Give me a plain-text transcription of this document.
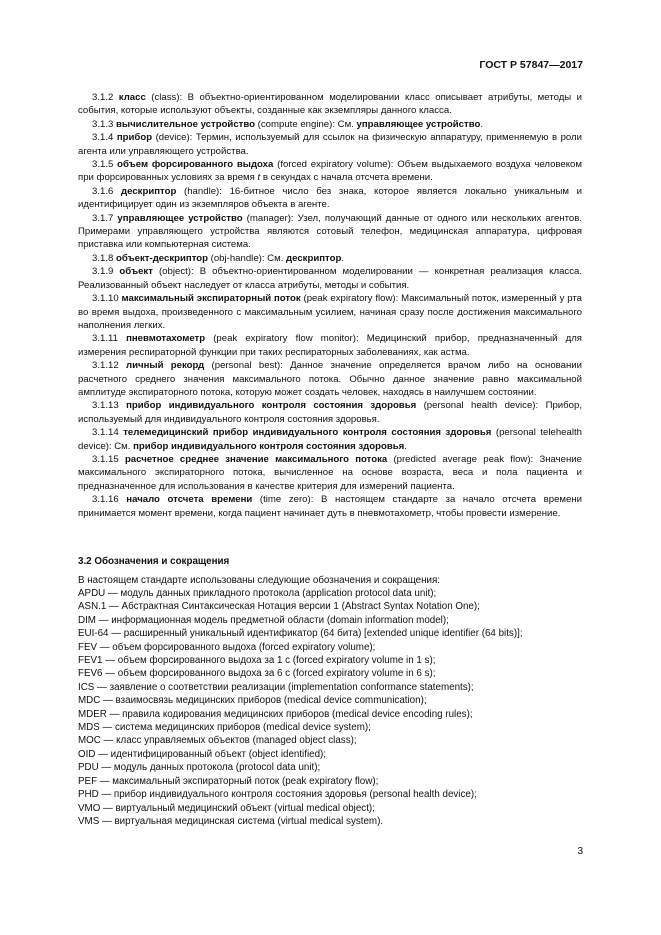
ГОСТ Р 57847—2017

3.1.2 класс (class): В объектно-ориентированном моделировании класс описывает атрибуты, методы и события, которые используют объекты, созданные как экземпляры данного класса.

3.1.3 вычислительное устройство (compute engine): См. управляющее устройство.

3.1.4 прибор (device): Термин, используемый для ссылок на физическую аппаратуру, применяемую в роли агента или управляющего устройства.

3.1.5 объем форсированного выдоха (forced expiratory volume): Объем выдыхаемого воздуха человеком при форсированных условиях за время t в секундах с начала отсчета времени.

3.1.6 дескриптор (handle): 16-битное число без знака, которое является локально уникальным и идентифицирует один из экземпляров объекта в агенте.

3.1.7 управляющее устройство (manager): Узел, получающий данные от одного или нескольких агентов. Примерами управляющего устройства являются сотовый телефон, медицинская аппаратура, цифровая приставка или компьютерная система.

3.1.8 объект-дескриптор (obj-handle): См. дескриптор.

3.1.9 объект (object): В объектно-ориентированном моделировании — конкретная реализация класса. Реализованный объект наследует от класса атрибуты, методы и события.

3.1.10 максимальный экспираторный поток (peak expiratory flow): Максимальный поток, измеренный у рта во время выдоха, произведенного с максимальным усилием, начиная сразу после достижения максимального наполнения легких.

3.1.11 пневмотахометр (peak expiratory flow monitor): Медицинский прибор, предназначенный для измерения респираторной функции при таких респираторных заболеваниях, как астма.

3.1.12 личный рекорд (personal best): Данное значение определяется врачом либо на основании расчетного среднего значения максимального потока. Обычно данное значение равно максимальной амплитуде экспираторного потока, которую может создать человек, находясь в наилучшем состоянии.

3.1.13 прибор индивидуального контроля состояния здоровья (personal health device): Прибор, используемый для индивидуального контроля состояния здоровья.

3.1.14 телемедицинский прибор индивидуального контроля состояния здоровья (personal telehealth device): См. прибор индивидуального контроля состояния здоровья.

3.1.15 расчетное среднее значение максимального потока (predicted average peak flow): Значение максимального экспираторного потока, вычисленное на основе возраста, веса и пола пациента и предназначенное для использования в качестве критерия для измерений пациента.

3.1.16 начало отсчета времени (time zero): В настоящем стандарте за начало отсчета времени принимается момент времени, когда пациент начинает дуть в пневмотахометр, чтобы провести измерение.

3.2 Обозначения и сокращения
В настоящем стандарте использованы следующие обозначения и сокращения:
APDU — модуль данных прикладного протокола (application protocol data unit);
ASN.1 — Абстрактная Синтаксическая Нотация версии 1 (Abstract Syntax Notation One);
DIM — информационная модель предметной области (domain information model);
EUI-64 — расширенный уникальный идентификатор (64 бита) [extended unique identifier (64 bits)];
FEV — объем форсированного выдоха (forced expiratory volume);
FEV1 — объем форсированного выдоха за 1 с (forced expiratory volume in 1 s);
FEV6 — объем форсированного выдоха за 6 с (forced expiratory volume in 6 s);
ICS — заявление о соответствии реализации (implementation conformance statements);
MDC — взаимосвязь медицинских приборов (medical device communication);
MDER — правила кодирования медицинских приборов (medical device encoding rules);
MDS — система медицинских приборов (medical device system);
MOC — класс управляемых объектов (managed object class);
OID — идентифицированный объект (object identified);
PDU — модуль данных протокола (protocol data unit);
PEF — максимальный экспираторный поток (peak expiratory flow);
PHD — прибор индивидуального контроля состояния здоровья (personal health device);
VMO — виртуальный медицинский объект (virtual medical object);
VMS — виртуальная медицинская система (virtual medical system).
3
